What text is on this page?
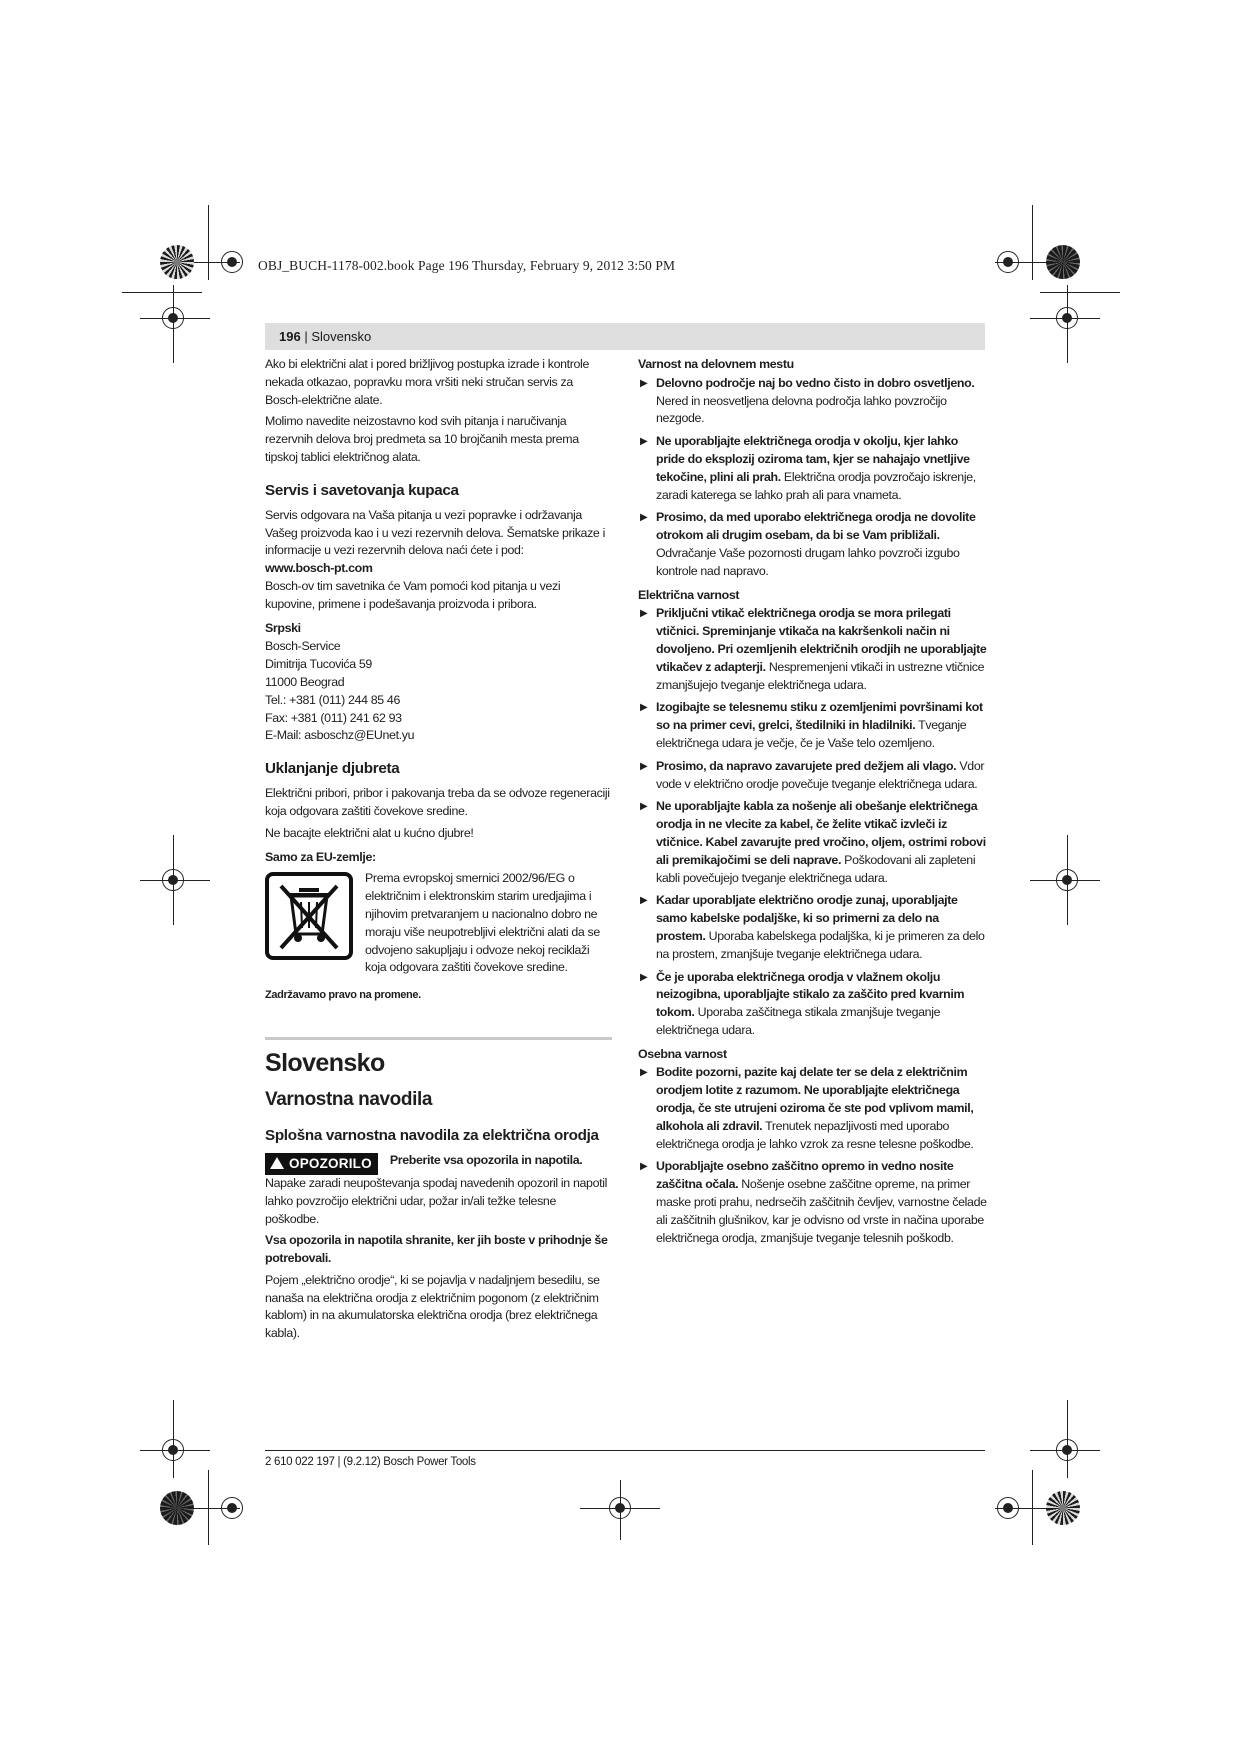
OBJ_BUCH-1178-002.book Page 196 Thursday, February 9, 2012 3:50 PM
196 | Slovensko

Ako bi električni alat i pored brižljivog postupka izrade i kontrole nekada otkazao, popravku mora vršiti neki stručan servis za Bosch-električne alate.

Molimo navedite neizostavno kod svih pitanja i naručivanja rezervnih delova broj predmeta sa 10 brojčanih mesta prema tipskoj tablici električnog alata.

Servis i savetovanja kupaca

Servis odgovara na Vaša pitanja u vezi popravke i održavanja Vašeg proizvoda kao i u vezi rezervnih delova. Šematske prikaze i informacije u vezi rezervnih delova naći ćete i pod:

www.bosch-pt.com

Bosch-ov tim savetnika će Vam pomoći kod pitanja u vezi kupovine, primene i podešavanja proizvoda i pribora.

Srpski
Bosch-Service
Dimitrija Tucovića 59
11000 Beograd
Tel.: +381 (011) 244 85 46
Fax: +381 (011) 241 62 93
E-Mail: asboschz@EUnet.yu
Uklanjanje djubreta

Električni pribori, pribor i pakovanja treba da se odvoze regeneraciji koja odgovara zaštiti čovekove sredine.

Ne bacajte električni alat u kućno djubre!

Samo za EU-zemlje:
Prema evropskoj smernici 2002/96/EG o električnim i elektronskim starim uredjajima i njihovim pretvaranjem u nacionalno dobro ne moraju više neupotrebljivi električni alati da se odvojeno sakupljaju i odvoze nekoj reciklaži koja odgovara zaštiti čovekove sredine.
Zadržavamo pravo na promene.
Slovensko
Varnostna navodila
Splošna varnostna navodila za električna orodja
OPOZORILO	Preberite vsa opozorila in napotila.

Napake zaradi neupoštevanja spodaj navedenih opozoril in napotil lahko povzročijo električni udar, požar in/ali težke telesne poškodbe.

Vsa opozorila in napotila shranite, ker jih boste v prihodnje še potrebovali.

Pojem „električno orodje“, ki se pojavlja v nadaljnjem besedilu, se nanaša na električna orodja z električnim pogonom (z električnim kablom) in na akumulatorska električna orodja (brez električnega kabla).

Varnost na delovnem mestu
▶ Delovno področje naj bo vedno čisto in dobro osvetljeno. Nered in neosvetljena delovna področja lahko povzročijo nezgode.
▶ Ne uporabljajte električnega orodja v okolju, kjer lahko pride do eksplozij oziroma tam, kjer se nahajajo vnetljive tekočine, plini ali prah. Električna orodja povzročajo iskrenje, zaradi katerega se lahko prah ali para vnameta.
▶ Prosimo, da med uporabo električnega orodja ne dovolite otrokom ali drugim osebam, da bi se Vam približali. Odvračanje Vaše pozornosti drugam lahko povzroči izgubo kontrole nad napravo.
Električna varnost
▶ Priključni vtikač električnega orodja se mora prilegati vtičnici. Spreminjanje vtikača na kakršenkoli način ni dovoljeno. Pri ozemljenih električnih orodjih ne uporabljajte vtikačev z adapterji. Nespremenjeni vtikači in ustrezne vtičnice zmanjšujejo tveganje električnega udara.
▶ Izogibajte se telesnemu stiku z ozemljenimi površinami kot so na primer cevi, grelci, štedilniki in hladilniki. Tveganje električnega udara je večje, če je Vaše telo ozemljeno.
▶ Prosimo, da napravo zavarujete pred dežjem ali vlago. Vdor vode v električno orodje povečuje tveganje električnega udara.
▶ Ne uporabljajte kabla za nošenje ali obešanje električnega orodja in ne vlecite za kabel, če želite vtikač izvleči iz vtičnice. Kabel zavarujte pred vročino, oljem, ostrimi robovi ali premikajočimi se deli naprave. Poškodovani ali zapleteni kabli povečujejo tveganje električnega udara.
▶ Kadar uporabljate električno orodje zunaj, uporabljajte samo kabelske podaljške, ki so primerni za delo na prostem. Uporaba kabelskega podaljška, ki je primeren za delo na prostem, zmanjšuje tveganje električnega udara.
▶ Če je uporaba električnega orodja v vlažnem okolju neizogibna, uporabljajte stikalo za zaščito pred kvarnim tokom. Uporaba zaščitnega stikala zmanjšuje tveganje električnega udara.
Osebna varnost
▶ Bodite pozorni, pazite kaj delate ter se dela z električnim orodjem lotite z razumom. Ne uporabljajte električnega orodja, če ste utrujeni oziroma če ste pod vplivom mamil, alkohola ali zdravil. Trenutek nepazljivosti med uporabo električnega orodja je lahko vzrok za resne telesne poškodbe.
▶ Uporabljajte osebno zaščitno opremo in vedno nosite zaščitna očala. Nošenje osebne zaščitne opreme, na primer maske proti prahu, nedrsečih zaščitnih čevljev, varnostne čelade ali zaščitnih glušnikov, kar je odvisno od vrste in načina uporabe električnega orodja, zmanjšuje tveganje telesnih poškodb.
2 610 022 197 | (9.2.12) Bosch Power Tools
